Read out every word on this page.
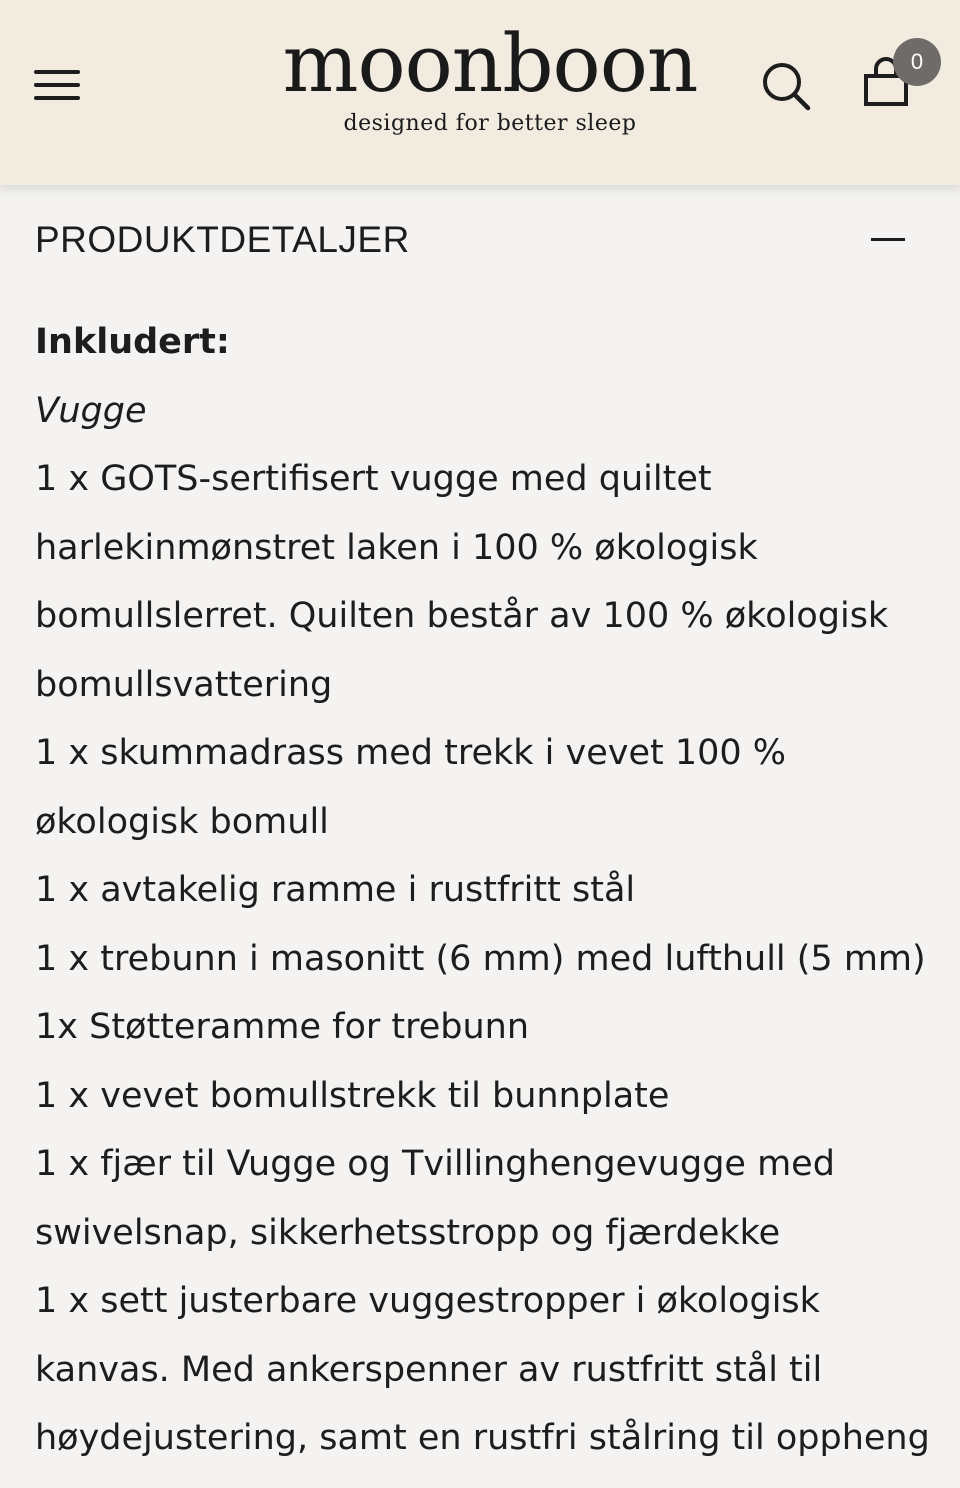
moonboon
designed for better sleep
0
PRODUKTDETALJER

Inkludert:

Vugge

1 x GOTS-sertifisert vugge med quiltet harlekinmønstret laken i 100 % økologisk bomullslerret. Quilten består av 100 % økologisk bomullsvattering

1 x skummadrass med trekk i vevet 100 % økologisk bomull

1 x avtakelig ramme i rustfritt stål

1 x trebunn i masonitt (6 mm) med lufthull (5 mm)

1x Støtteramme for trebunn

1 x vevet bomullstrekk til bunnplate

1 x fjær til Vugge og Tvillinghengevugge med swivelsnap, sikkerhetsstropp og fjærdekke

1 x sett justerbare vuggestropper i økologisk kanvas. Med ankerspenner av rustfritt stål til høydejustering, samt en rustfri stålring til oppheng
